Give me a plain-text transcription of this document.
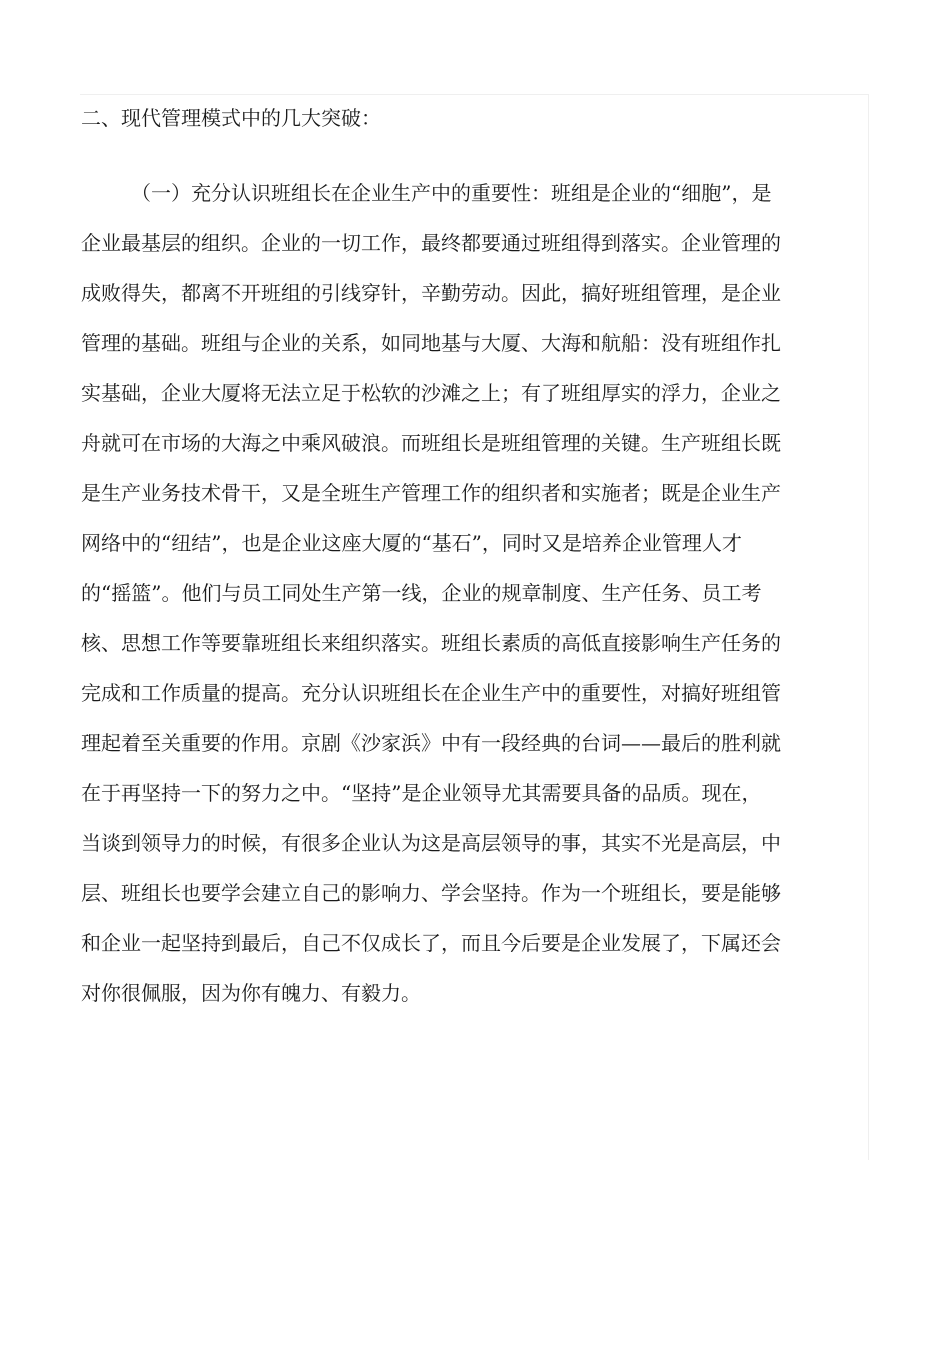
二、现代管理模式中的几大突破：
（一）充分认识班组长在企业生产中的重要性：班组是企业的“细胞”，是
企业最基层的组织。企业的一切工作，最终都要通过班组得到落实。企业管理的
成败得失，都离不开班组的引线穿针，辛勤劳动。因此，搞好班组管理，是企业
管理的基础。班组与企业的关系，如同地基与大厦、大海和航船：没有班组作扎
实基础，企业大厦将无法立足于松软的沙滩之上；有了班组厚实的浮力，企业之
舟就可在市场的大海之中乘风破浪。而班组长是班组管理的关键。生产班组长既
是生产业务技术骨干，又是全班生产管理工作的组织者和实施者；既是企业生产
网络中的“纽结”，也是企业这座大厦的“基石”，同时又是培养企业管理人才
的“摇篮”。他们与员工同处生产第一线，企业的规章制度、生产任务、员工考
核、思想工作等要靠班组长来组织落实。班组长素质的高低直接影响生产任务的
完成和工作质量的提高。充分认识班组长在企业生产中的重要性，对搞好班组管
理起着至关重要的作用。京剧《沙家浜》中有一段经典的台词——最后的胜利就
在于再坚持一下的努力之中。“坚持”是企业领导尤其需要具备的品质。现在，
当谈到领导力的时候，有很多企业认为这是高层领导的事，其实不光是高层，中
层、班组长也要学会建立自己的影响力、学会坚持。作为一个班组长，要是能够
和企业一起坚持到最后，自己不仅成长了，而且今后要是企业发展了，下属还会
对你很佩服，因为你有魄力、有毅力。
